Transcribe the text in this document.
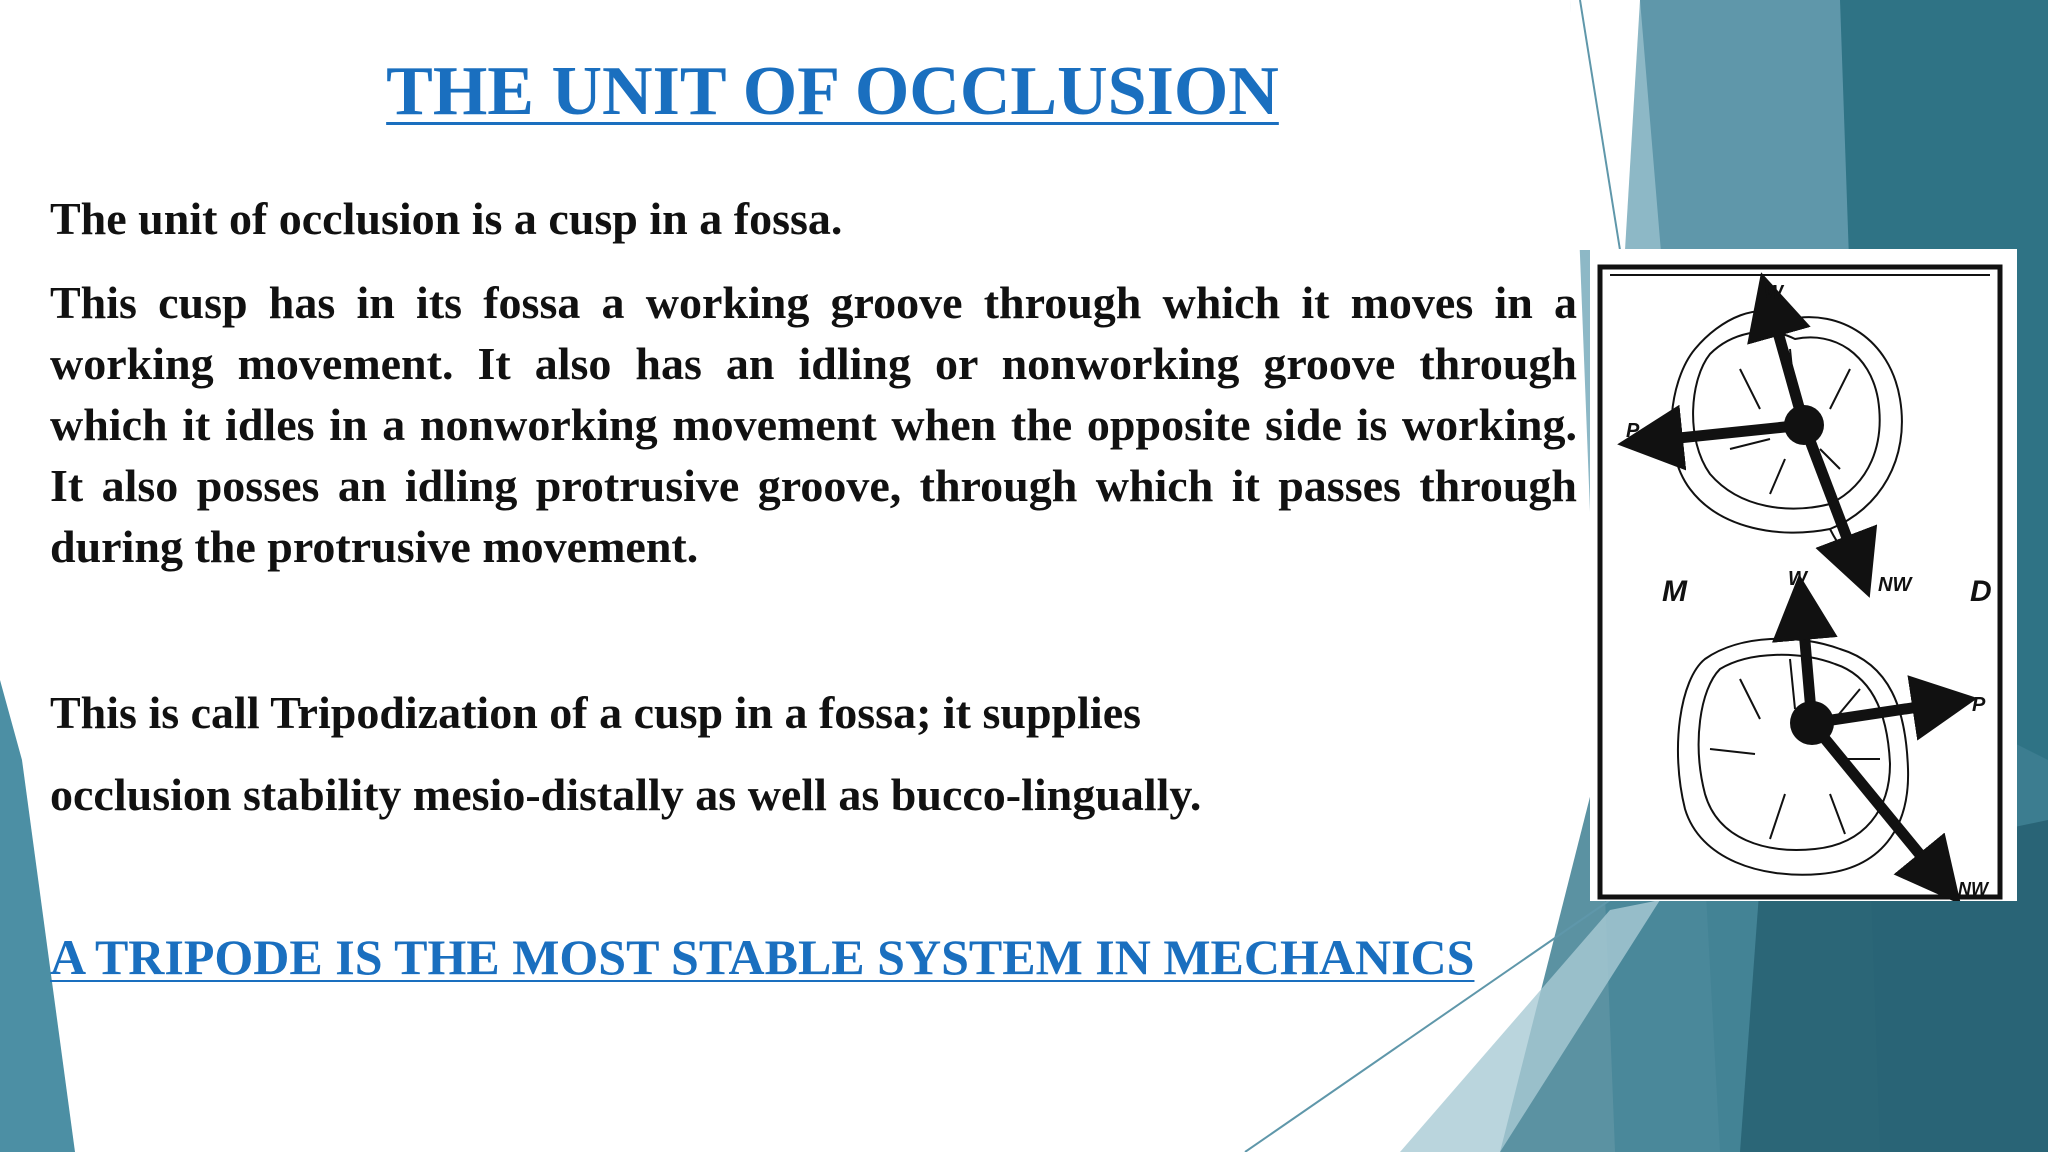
THE UNIT OF OCCLUSION

The unit of occlusion is a cusp in a fossa.

This cusp has in its fossa a working groove through which it moves in a working movement. It also has an idling or nonworking groove through which it idles in a nonworking movement when the opposite side is working. It also posses an idling protrusive groove, through which it passes through during the protrusive movement.

This is call Tripodization of a cusp in a fossa; it supplies

occlusion stability mesio-distally as well as bucco-lingually.

A TRIPODE IS THE MOST STABLE SYSTEM IN MECHANICS

W
P
NW
M	D
W
P
NW
